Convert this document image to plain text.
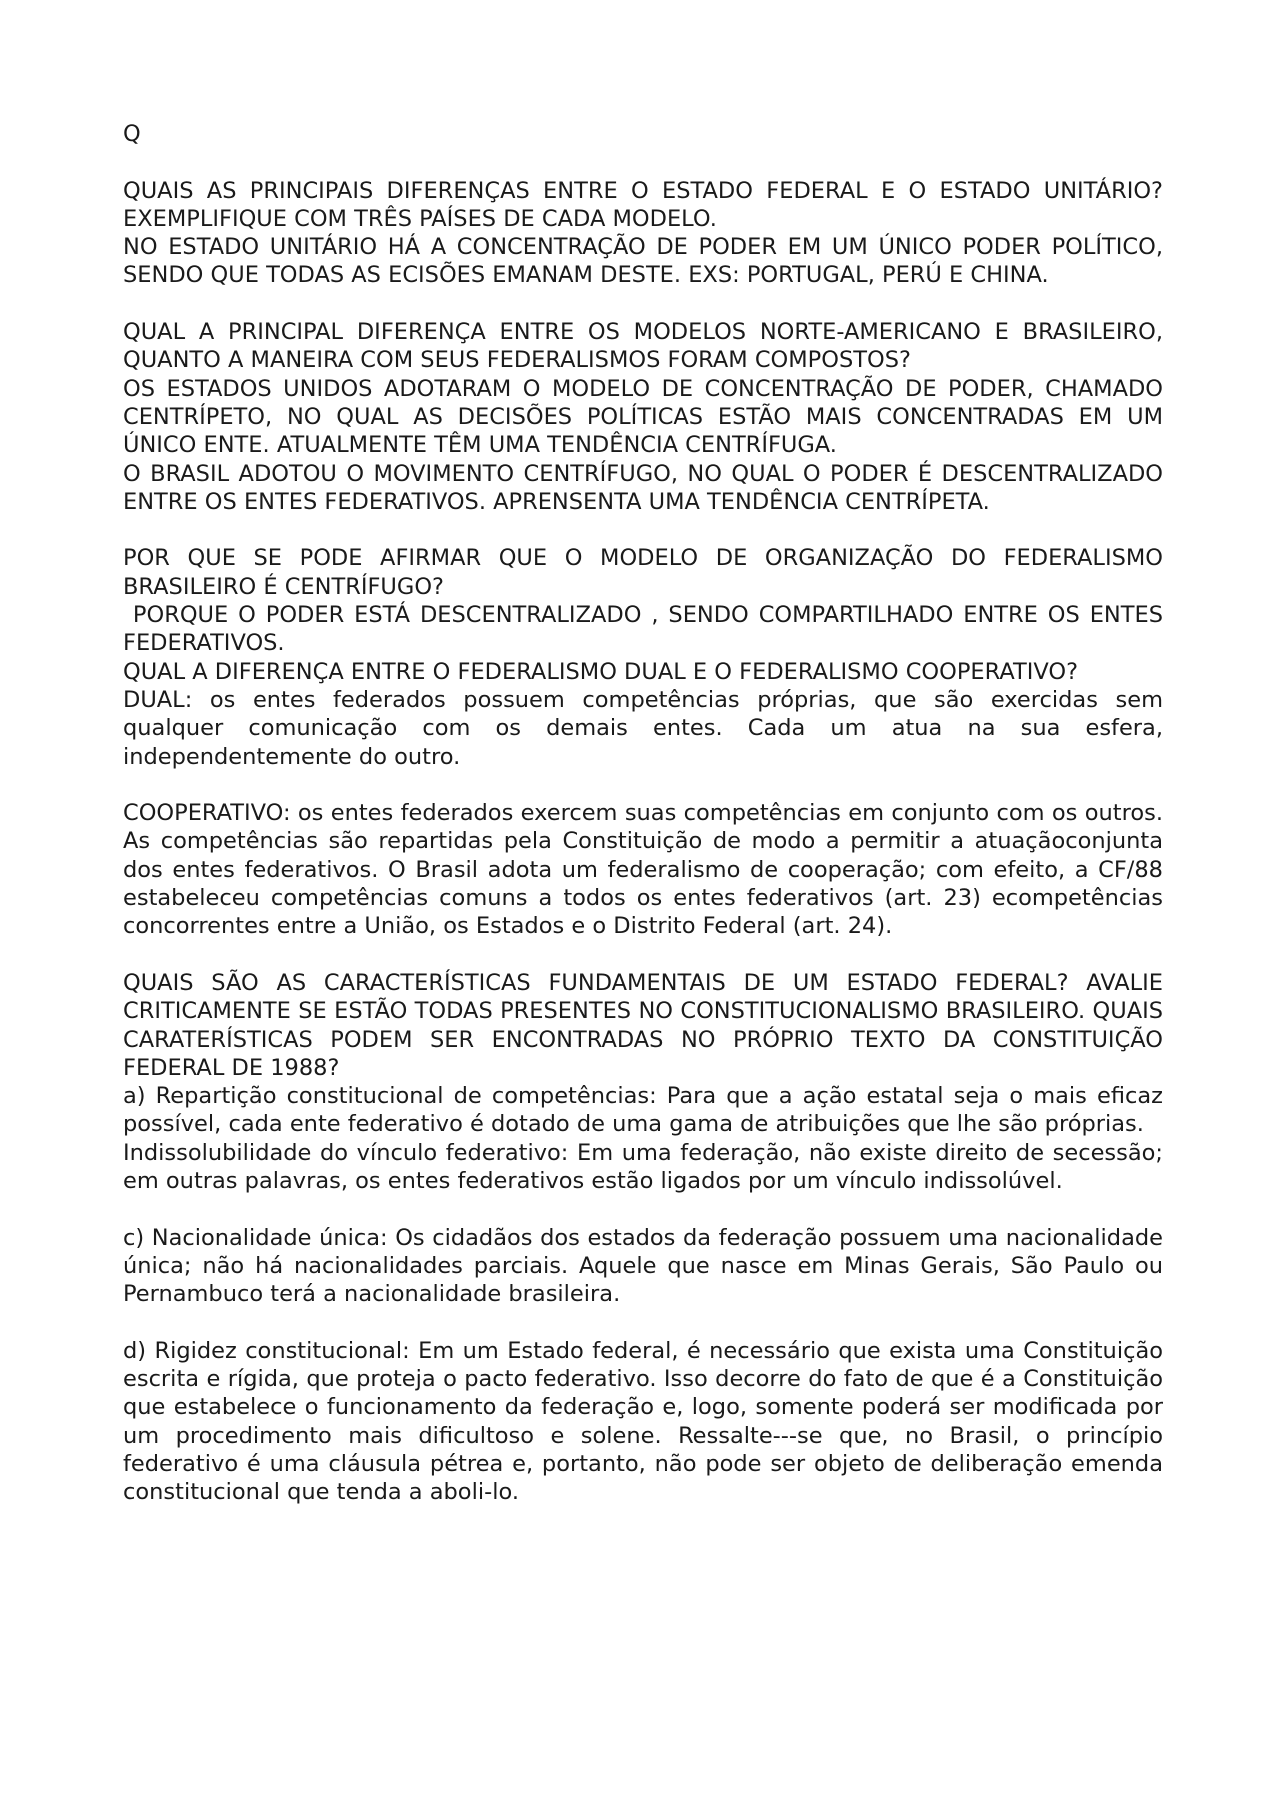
Q

QUAIS AS PRINCIPAIS DIFERENÇAS ENTRE O ESTADO FEDERAL E O ESTADO UNITÁRIO? EXEMPLIFIQUE COM TRÊS PAÍSES DE CADA MODELO.

NO ESTADO UNITÁRIO HÁ A CONCENTRAÇÃO DE PODER EM UM ÚNICO PODER POLÍTICO, SENDO QUE TODAS AS ECISÕES EMANAM DESTE. EXS: PORTUGAL, PERÚ E CHINA.

QUAL A PRINCIPAL DIFERENÇA ENTRE OS MODELOS NORTE-AMERICANO E BRASILEIRO, QUANTO A MANEIRA COM SEUS FEDERALISMOS FORAM COMPOSTOS?

OS ESTADOS UNIDOS ADOTARAM O MODELO DE CONCENTRAÇÃO DE PODER, CHAMADO CENTRÍPETO, NO QUAL AS DECISÕES POLÍTICAS ESTÃO MAIS CONCENTRADAS EM UM ÚNICO ENTE. ATUALMENTE TÊM UMA TENDÊNCIA CENTRÍFUGA.

O BRASIL ADOTOU O MOVIMENTO CENTRÍFUGO, NO QUAL O PODER É DESCENTRALIZADO ENTRE OS ENTES FEDERATIVOS. APRENSENTA UMA TENDÊNCIA CENTRÍPETA.

POR QUE SE PODE AFIRMAR QUE O MODELO DE ORGANIZAÇÃO DO FEDERALISMO BRASILEIRO É CENTRÍFUGO?

PORQUE O PODER ESTÁ DESCENTRALIZADO , SENDO COMPARTILHADO ENTRE OS ENTES FEDERATIVOS.

QUAL A DIFERENÇA ENTRE O FEDERALISMO DUAL E O FEDERALISMO COOPERATIVO?

DUAL: os entes federados possuem competências próprias, que são exercidas sem qualquer comunicação com os demais entes. Cada um atua na sua esfera, independentemente do outro.

COOPERATIVO: os entes federados exercem suas competências em conjunto com os outros. As competências são repartidas pela Constituição de modo a permitir a atuaçãoconjunta dos entes federativos. O Brasil adota um federalismo de cooperação; com efeito, a CF/88 estabeleceu competências comuns a todos os entes federativos (art. 23) ecompetências concorrentes entre a União, os Estados e o Distrito Federal (art. 24).

QUAIS SÃO AS CARACTERÍSTICAS FUNDAMENTAIS DE UM ESTADO FEDERAL? AVALIE CRITICAMENTE SE ESTÃO TODAS PRESENTES NO CONSTITUCIONALISMO BRASILEIRO. QUAIS CARATERÍSTICAS PODEM SER ENCONTRADAS NO PRÓPRIO TEXTO DA CONSTITUIÇÃO FEDERAL DE 1988?

a) Repartição constitucional de competências: Para que a ação estatal seja o mais eficaz possível, cada ente federativo é dotado de uma gama de atribuições que lhe são próprias.

Indissolubilidade do vínculo federativo: Em uma federação, não existe direito de secessão; em outras palavras, os entes federativos estão ligados por um vínculo indissolúvel.

c) Nacionalidade única: Os cidadãos dos estados da federação possuem uma nacionalidade única; não há nacionalidades parciais. Aquele que nasce em Minas Gerais, São Paulo ou Pernambuco terá a nacionalidade brasileira.

d) Rigidez constitucional: Em um Estado federal, é necessário que exista uma Constituição escrita e rígida, que proteja o pacto federativo. Isso decorre do fato de que é a Constituição que estabelece o funcionamento da federação e, logo, somente poderá ser modificada por um procedimento mais dificultoso e solene. Ressalte---se que, no Brasil, o princípio federativo é uma cláusula pétrea e, portanto, não pode ser objeto de deliberação emenda constitucional que tenda a aboli-lo.
